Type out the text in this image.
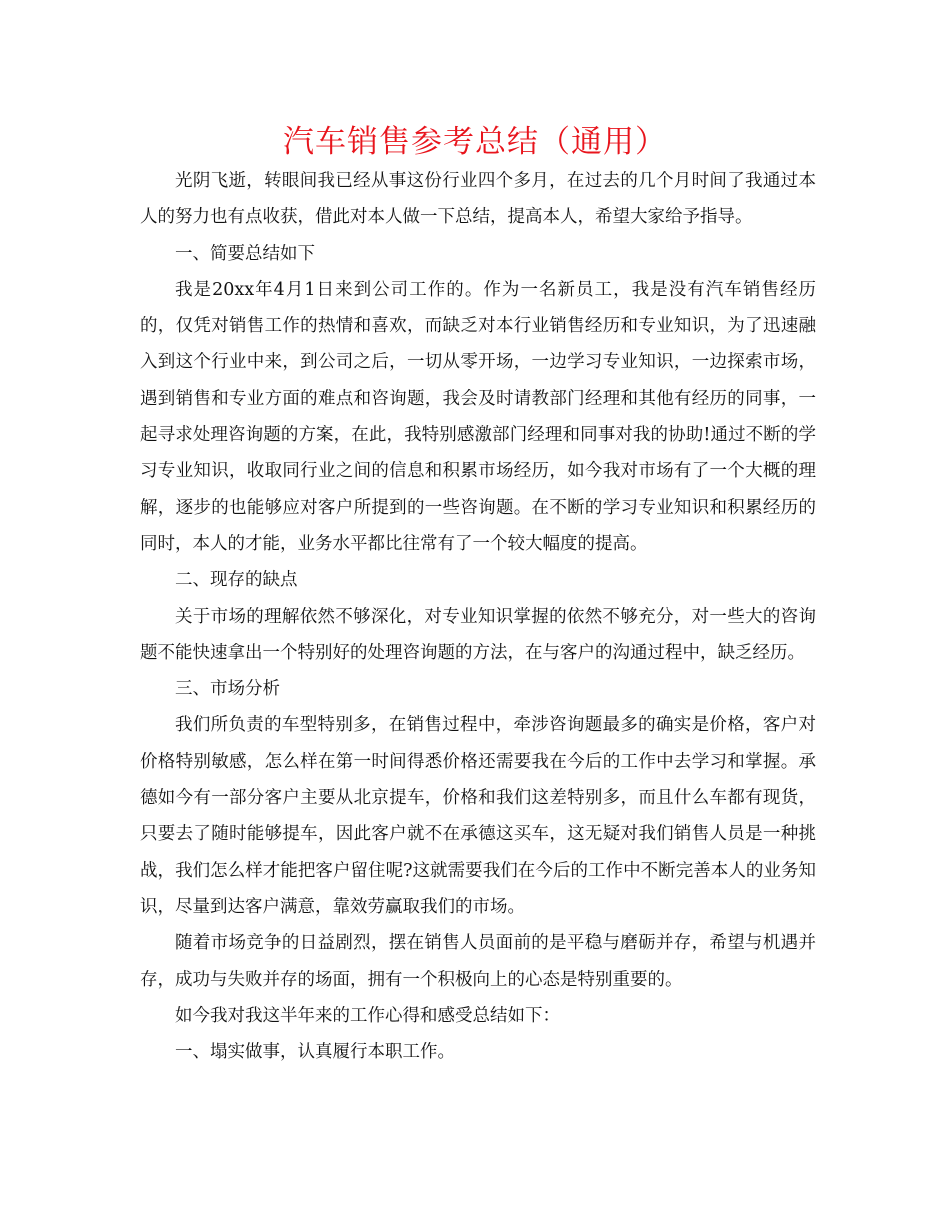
汽车销售参考总结（通用）

光阴飞逝，转眼间我已经从事这份行业四个多月，在过去的几个月时间了我通过本人的努力也有点收获，借此对本人做一下总结，提高本人，希望大家给予指导。

一、简要总结如下

我是20xx年4月1日来到公司工作的。作为一名新员工，我是没有汽车销售经历的，仅凭对销售工作的热情和喜欢，而缺乏对本行业销售经历和专业知识，为了迅速融入到这个行业中来，到公司之后，一切从零开场，一边学习专业知识，一边探索市场，遇到销售和专业方面的难点和咨询题，我会及时请教部门经理和其他有经历的同事，一起寻求处理咨询题的方案，在此，我特别感激部门经理和同事对我的协助!通过不断的学习专业知识，收取同行业之间的信息和积累市场经历，如今我对市场有了一个大概的理解，逐步的也能够应对客户所提到的一些咨询题。在不断的学习专业知识和积累经历的同时，本人的才能，业务水平都比往常有了一个较大幅度的提高。

二、现存的缺点

关于市场的理解依然不够深化，对专业知识掌握的依然不够充分，对一些大的咨询题不能快速拿出一个特别好的处理咨询题的方法，在与客户的沟通过程中，缺乏经历。

三、市场分析

我们所负责的车型特别多，在销售过程中，牵涉咨询题最多的确实是价格，客户对价格特别敏感，怎么样在第一时间得悉价格还需要我在今后的工作中去学习和掌握。承德如今有一部分客户主要从北京提车，价格和我们这差特别多，而且什么车都有现货，只要去了随时能够提车，因此客户就不在承德这买车，这无疑对我们销售人员是一种挑战，我们怎么样才能把客户留住呢?这就需要我们在今后的工作中不断完善本人的业务知识，尽量到达客户满意，靠效劳赢取我们的市场。

随着市场竞争的日益剧烈，摆在销售人员面前的是平稳与磨砺并存，希望与机遇并存，成功与失败并存的场面，拥有一个积极向上的心态是特别重要的。

如今我对我这半年来的工作心得和感受总结如下：

一、塌实做事，认真履行本职工作。
